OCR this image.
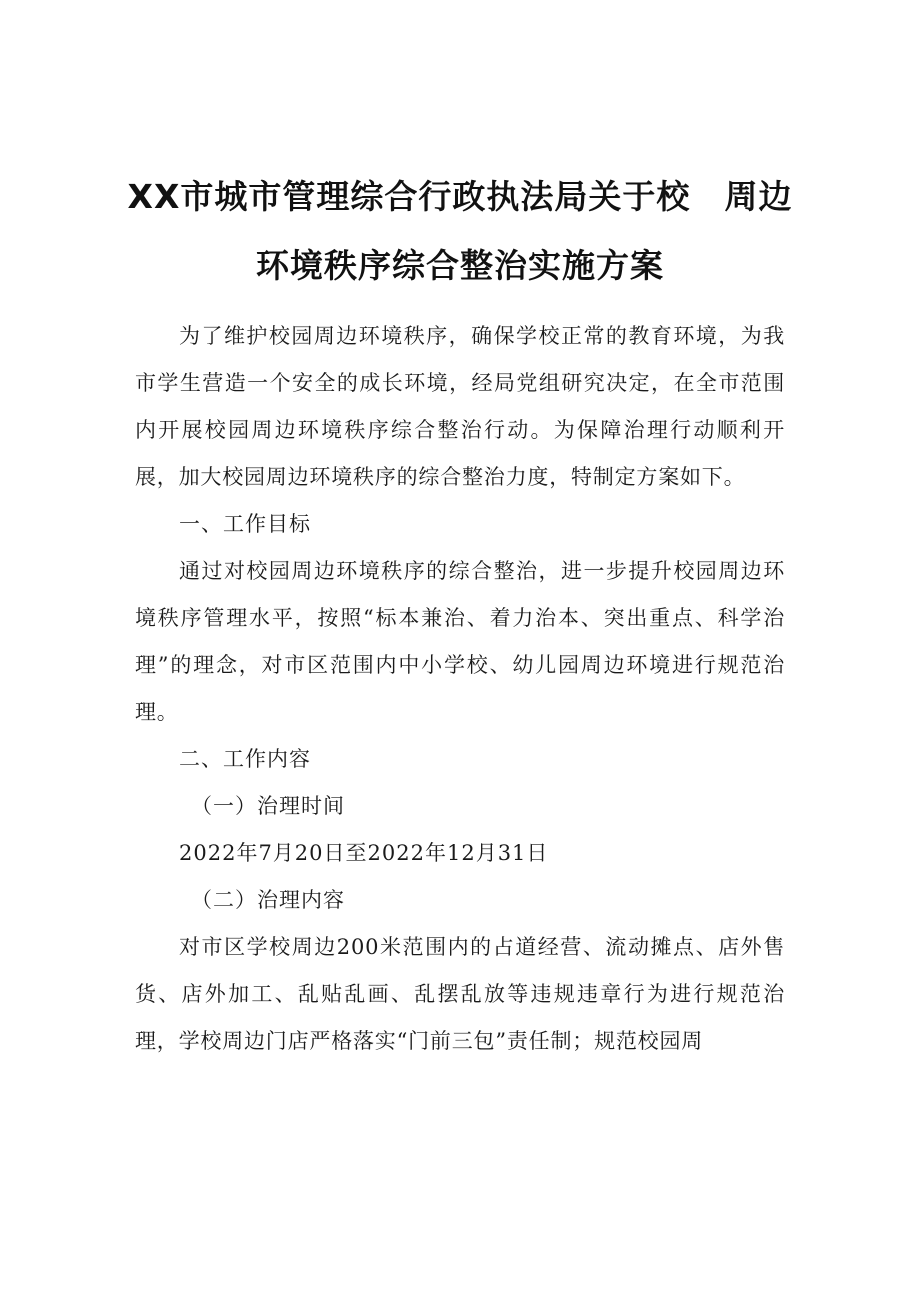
XX市城市管理综合行政执法局关于校 周边
环境秩序综合整治实施方案

为了维护校园周边环境秩序，确保学校正常的教育环境，为我市学生营造一个安全的成长环境，经局党组研究决定，在全市范围内开展校园周边环境秩序综合整治行动。为保障治理行动顺利开展，加大校园周边环境秩序的综合整治力度，特制定方案如下。

一、工作目标

通过对校园周边环境秩序的综合整治，进一步提升校园周边环境秩序管理水平，按照“标本兼治、着力治本、突出重点、科学治理”的理念，对市区范围内中小学校、幼儿园周边环境进行规范治理。

二、工作内容

（一）治理时间

2022年7月20日至2022年12月31日

（二）治理内容

对市区学校周边200米范围内的占道经营、流动摊点、店外售货、店外加工、乱贴乱画、乱摆乱放等违规违章行为进行规范治理，学校周边门店严格落实“门前三包”责任制；规范校园周
